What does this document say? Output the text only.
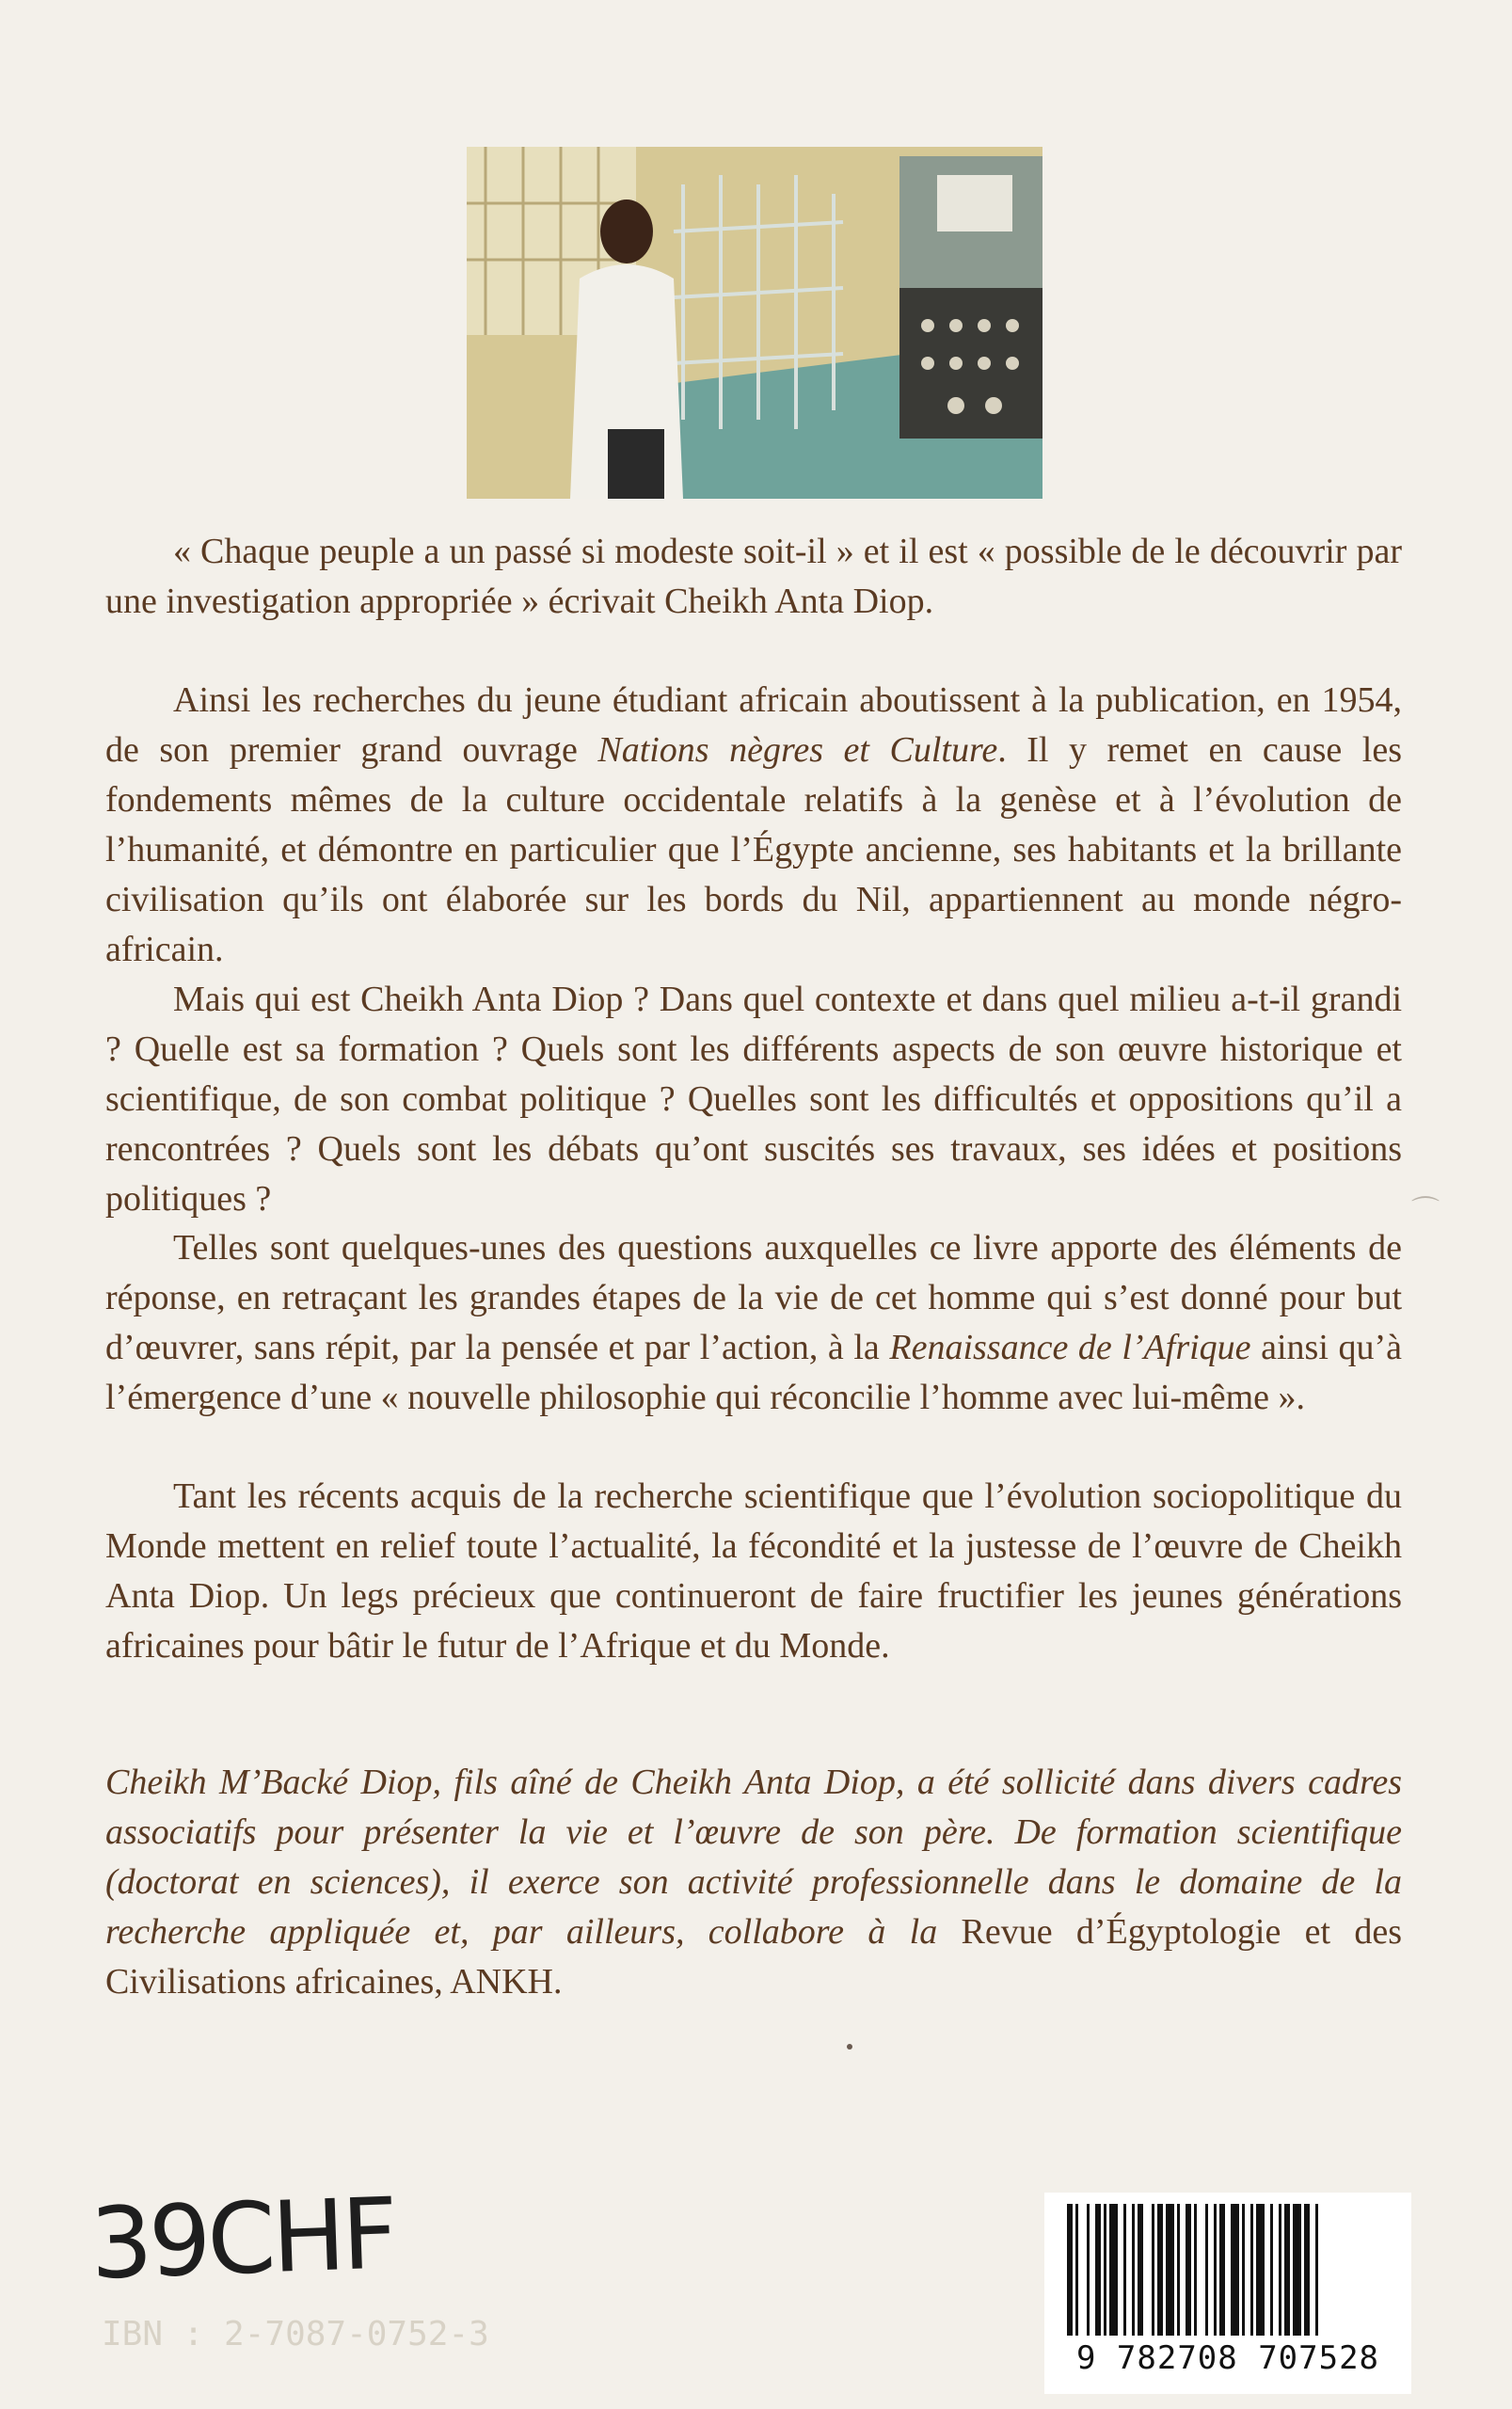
« Chaque peuple a un passé si modeste soit-il » et il est « possible de le découvrir par une investigation appropriée » écrivait Cheikh Anta Diop.

Ainsi les recherches du jeune étudiant africain aboutissent à la publication, en 1954, de son premier grand ouvrage Nations nègres et Culture. Il y remet en cause les fondements mêmes de la culture occidentale relatifs à la genèse et à l’évolution de l’humanité, et démontre en particulier que l’Égypte ancienne, ses habitants et la brillante civilisation qu’ils ont élaborée sur les bords du Nil, appartiennent au monde négro-africain.

Mais qui est Cheikh Anta Diop ? Dans quel contexte et dans quel milieu a-t-il grandi ? Quelle est sa formation ? Quels sont les différents aspects de son œuvre historique et scientifique, de son combat politique ? Quelles sont les difficultés et oppositions qu’il a rencontrées ? Quels sont les débats qu’ont suscités ses travaux, ses idées et positions politiques ?

Telles sont quelques-unes des questions auxquelles ce livre apporte des éléments de réponse, en retraçant les grandes étapes de la vie de cet homme qui s’est donné pour but d’œuvrer, sans répit, par la pensée et par l’action, à la Renaissance de l’Afrique ainsi qu’à l’émergence d’une « nouvelle philosophie qui réconcilie l’homme avec lui-même ».

Tant les récents acquis de la recherche scientifique que l’évolution sociopolitique du Monde mettent en relief toute l’actualité, la fécondité et la justesse de l’œuvre de Cheikh Anta Diop. Un legs précieux que continueront de faire fructifier les jeunes générations africaines pour bâtir le futur de l’Afrique et du Monde.

Cheikh M’Backé Diop, fils aîné de Cheikh Anta Diop, a été sollicité dans divers cadres associatifs pour présenter la vie et l’œuvre de son père. De formation scientifique (doctorat en sciences), il exerce son activité professionnelle dans le domaine de la recherche appliquée et, par ailleurs, collabore à la Revue d’Égyptologie et des Civilisations africaines, ANKH.

⌒
39CHF
IBN : 2-7087-0752-3
9 782708 707528
